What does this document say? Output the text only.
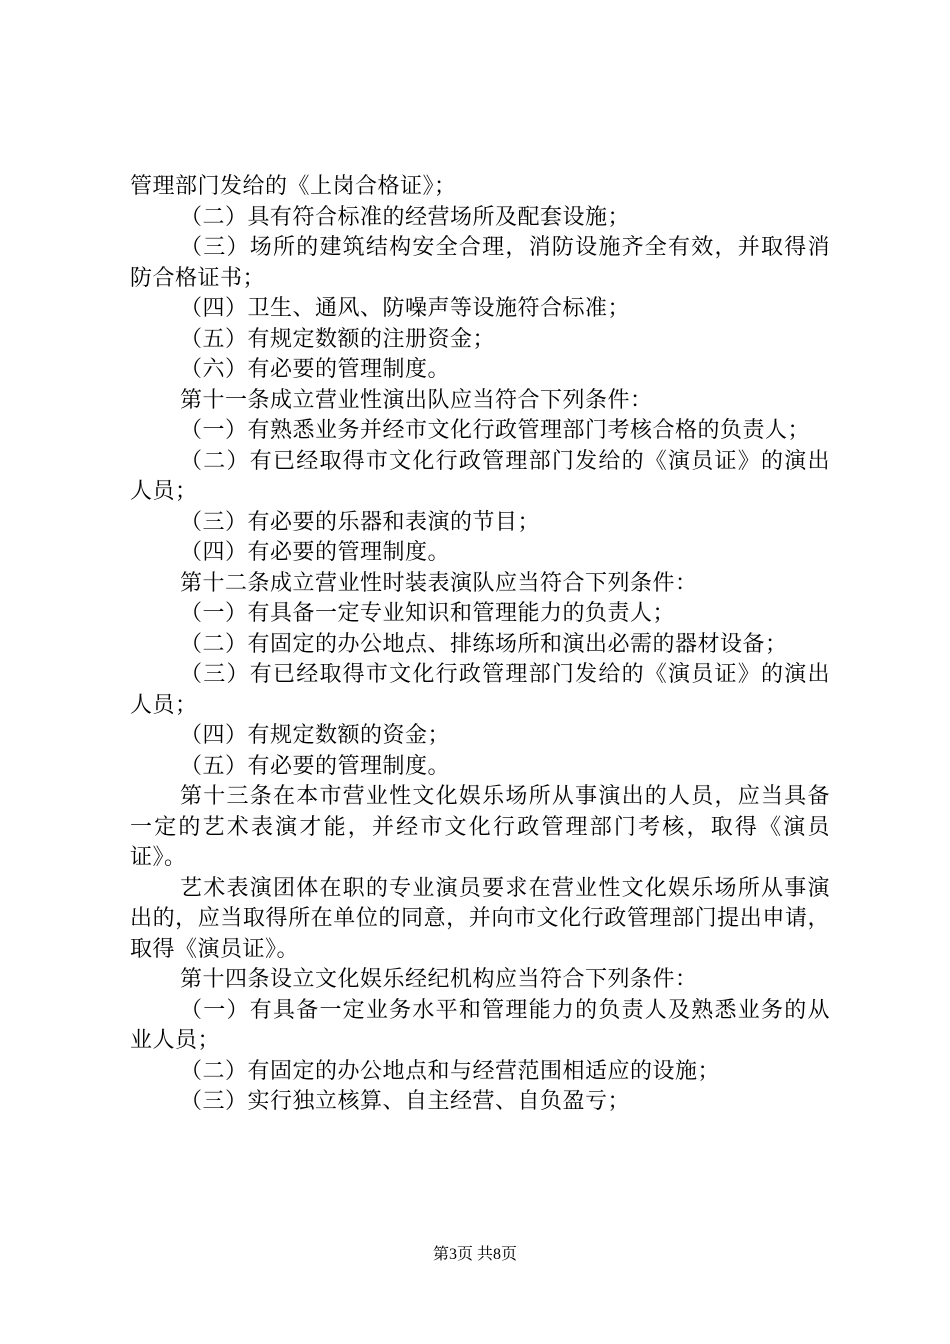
管理部门发给的《上岗合格证》；

（二）具有符合标准的经营场所及配套设施；

（三）场所的建筑结构安全合理，消防设施齐全有效，并取得消防合格证书；

（四）卫生、通风、防噪声等设施符合标准；

（五）有规定数额的注册资金；

（六）有必要的管理制度。

第十一条成立营业性演出队应当符合下列条件：

（一）有熟悉业务并经市文化行政管理部门考核合格的负责人；

（二）有已经取得市文化行政管理部门发给的《演员证》的演出人员；

（三）有必要的乐器和表演的节目；

（四）有必要的管理制度。

第十二条成立营业性时装表演队应当符合下列条件：

（一）有具备一定专业知识和管理能力的负责人；

（二）有固定的办公地点、排练场所和演出必需的器材设备；

（三）有已经取得市文化行政管理部门发给的《演员证》的演出人员；

（四）有规定数额的资金；

（五）有必要的管理制度。

第十三条在本市营业性文化娱乐场所从事演出的人员，应当具备一定的艺术表演才能，并经市文化行政管理部门考核，取得《演员证》。

艺术表演团体在职的专业演员要求在营业性文化娱乐场所从事演出的，应当取得所在单位的同意，并向市文化行政管理部门提出申请，取得《演员证》。

第十四条设立文化娱乐经纪机构应当符合下列条件：

（一）有具备一定业务水平和管理能力的负责人及熟悉业务的从业人员；

（二）有固定的办公地点和与经营范围相适应的设施；

（三）实行独立核算、自主经营、自负盈亏；

第3页 共8页
